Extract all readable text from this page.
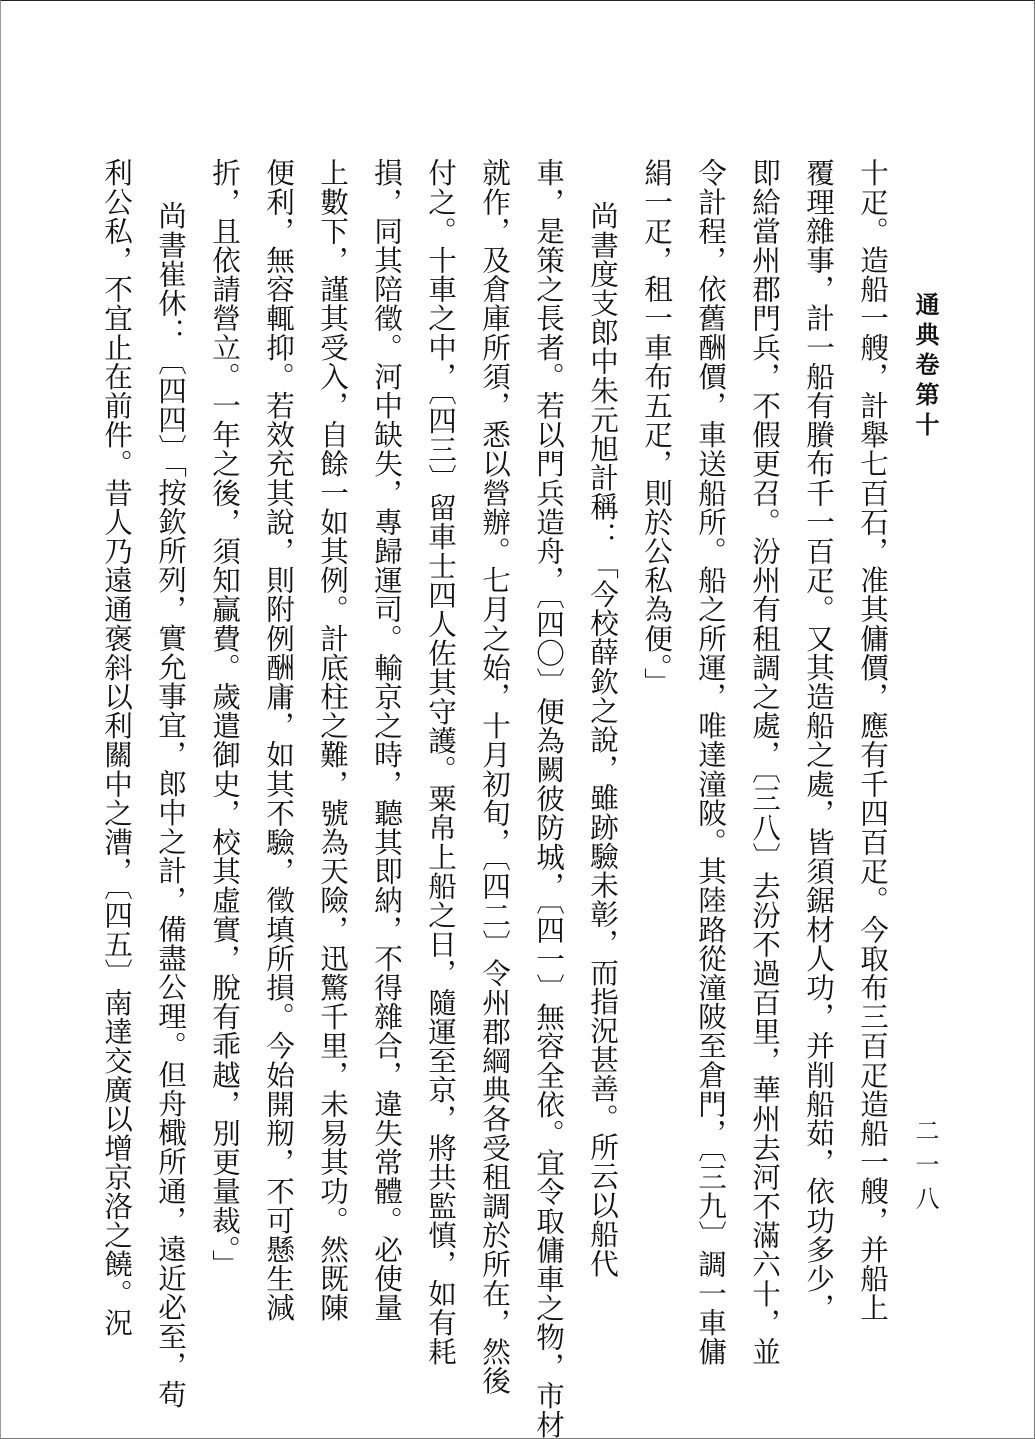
通典卷第十
二一八
十疋。造船一艘，計舉七百石，准其傭價，應有千四百疋。今取布三百疋造船一艘，并船上
覆理雜事，計一船有賸布千一百疋。又其造船之處，皆須鋸材人功，并削船茹，依功多少，
即給當州郡門兵，不假更召。汾州有租調之處，〔三八〕去汾不過百里，華州去河不滿六十，並
令計程，依舊酬價，車送船所。船之所運，唯達潼陂。其陸路從潼陂至倉門，〔三九〕調一車傭
絹一疋，租一車布五疋，則於公私為便。」
尚書度支郎中朱元旭計稱：「今校薛欽之說，雖跡驗未彰，而指況甚善。所云以船代
車，是策之長者。若以門兵造舟，〔四〇〕便為闕彼防城，〔四一〕無容全依。宜令取傭車之物，市材
就作，及倉庫所須，悉以營辦。七月之始，十月初旬，〔四二〕令州郡綱典各受租調於所在，然後
付之。十車之中，〔四三〕留車士四人佐其守護。粟帛上船之日，隨運至京，將共監慎，如有耗
損，同其陪徵。河中缺失，專歸運司。輸京之時，聽其即納，不得雜合，違失常體。必使量
上數下，謹其受入，自餘一如其例。計底柱之難，號為天險，迅驚千里，未易其功。然既陳
便利，無容輒抑。若效充其說，則附例酬庸，如其不驗，徵填所損。今始開剏，不可懸生減
折，且依請營立。一年之後，須知贏費。歲遣御史，校其虛實，脫有乖越，別更量裁。」
尚書崔休：〔四四〕「按欽所列，實允事宜，郎中之計，備盡公理。但舟檝所通，遠近必至，苟
利公私，不宜止在前件。昔人乃遠通褒斜以利關中之漕，〔四五〕南達交廣以增京洛之饒。況
